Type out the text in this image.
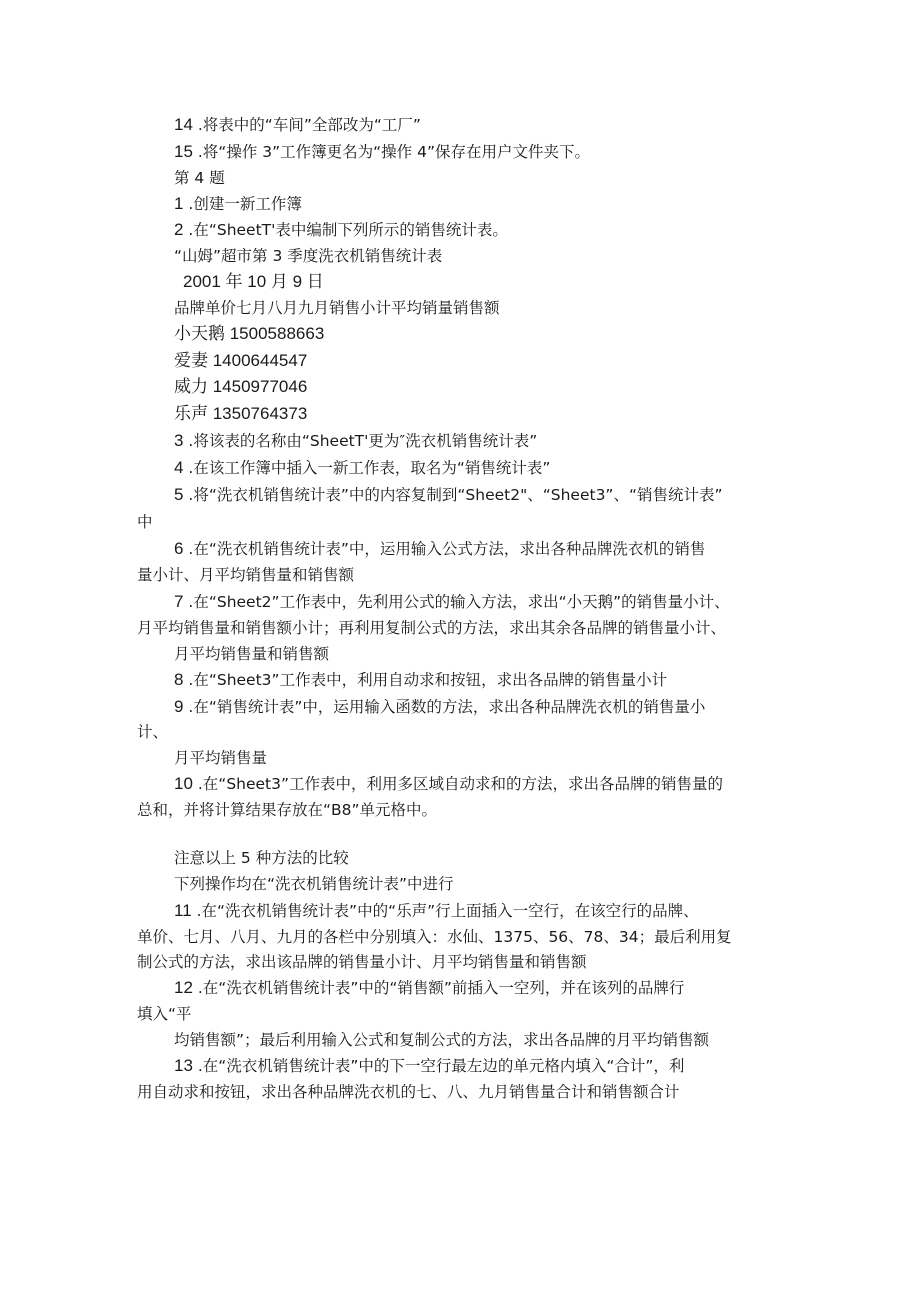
14 .将表中的“车间”全部改为“工厂”
15 .将“操作 3”工作簿更名为“操作 4”保存在用户文件夹下。
第 4 题
1 .创建一新工作簿
2 .在“SheetT'表中编制下列所示的销售统计表。
“山姆”超市第 3 季度洗衣机销售统计表
2001 年 10 月 9 日
品牌单价七月八月九月销售小计平均销量销售额
小天鹅 1500588663
爱妻 1400644547
威力 1450977046
乐声 1350764373
3 .将该表的名称由“SheetT'更为″洗衣机销售统计表”
4 .在该工作簿中插入一新工作表，取名为“销售统计表”
5 .将“洗衣机销售统计表”中的内容复制到“Sheet2"、“Sheet3”、“销售统计表”
中
6 .在“洗衣机销售统计表”中，运用输入公式方法，求出各种品牌洗衣机的销售
量小计、月平均销售量和销售额
7 .在“Sheet2”工作表中，先利用公式的输入方法，求出“小天鹅”的销售量小计、
月平均销售量和销售额小计；再利用复制公式的方法，求出其余各品牌的销售量小计、
月平均销售量和销售额
8 .在“Sheet3”工作表中，利用自动求和按钮，求出各品牌的销售量小计
9 .在“销售统计表”中，运用输入函数的方法，求出各种品牌洗衣机的销售量小
计、
月平均销售量
10 .在“Sheet3”工作表中，利用多区域自动求和的方法，求出各品牌的销售量的
总和，并将计算结果存放在“B8”单元格中。
注意以上 5 种方法的比较
下列操作均在“洗衣机销售统计表”中进行
11 .在“洗衣机销售统计表”中的“乐声”行上面插入一空行，在该空行的品牌、
单价、七月、八月、九月的各栏中分别填入：水仙、1375、56、78、34；最后利用复
制公式的方法，求出该品牌的销售量小计、月平均销售量和销售额
12 .在“洗衣机销售统计表”中的“销售额”前插入一空列，并在该列的品牌行
填入“平
均销售额”；最后利用输入公式和复制公式的方法，求出各品牌的月平均销售额
13 .在“洗衣机销售统计表”中的下一空行最左边的单元格内填入“合计”，利
用自动求和按钮，求出各种品牌洗衣机的七、八、九月销售量合计和销售额合计
